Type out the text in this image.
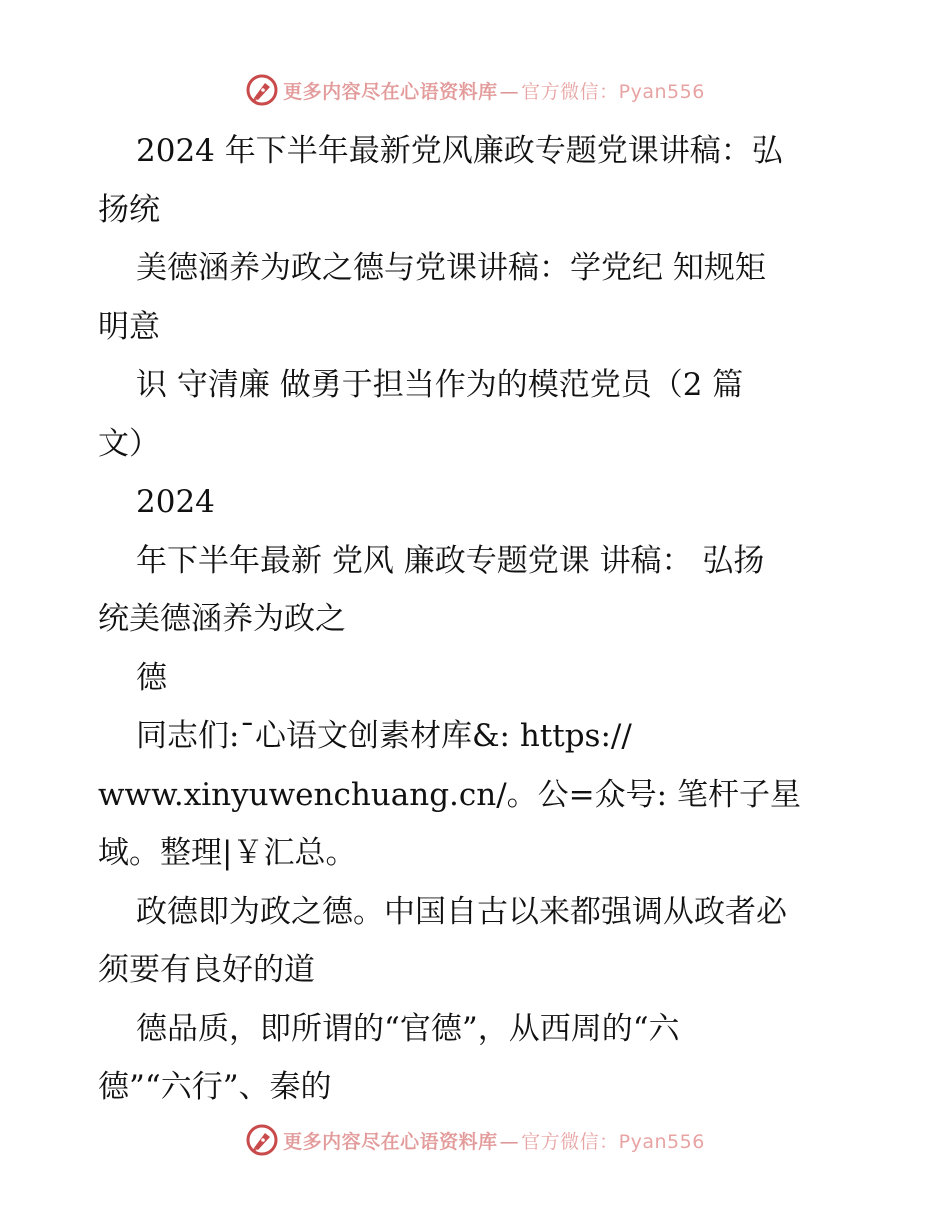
更多内容尽在心语资料库 — 官方微信：Pyan556
2024 年下半年最新党风廉政专题党课讲稿：弘
扬统
美德涵养为政之德与党课讲稿：学党纪 知规矩
明意
识 守清廉 做勇于担当作为的模范党员（2 篇
文）
2024
年下半年最新 党风 廉政专题党课 讲稿： 弘扬
统美德涵养为政之
德
同志们:¯心语文创素材库&: https://
www.xinyuwenchuang.cn/。公=众号: 笔杆子星
域。整理|￥汇总。
政德即为政之德。中国自古以来都强调从政者必
须要有良好的道
德品质，即所谓的“官德”，从西周的“六
德”“六行”、秦的
更多内容尽在心语资料库 — 官方微信：Pyan556
